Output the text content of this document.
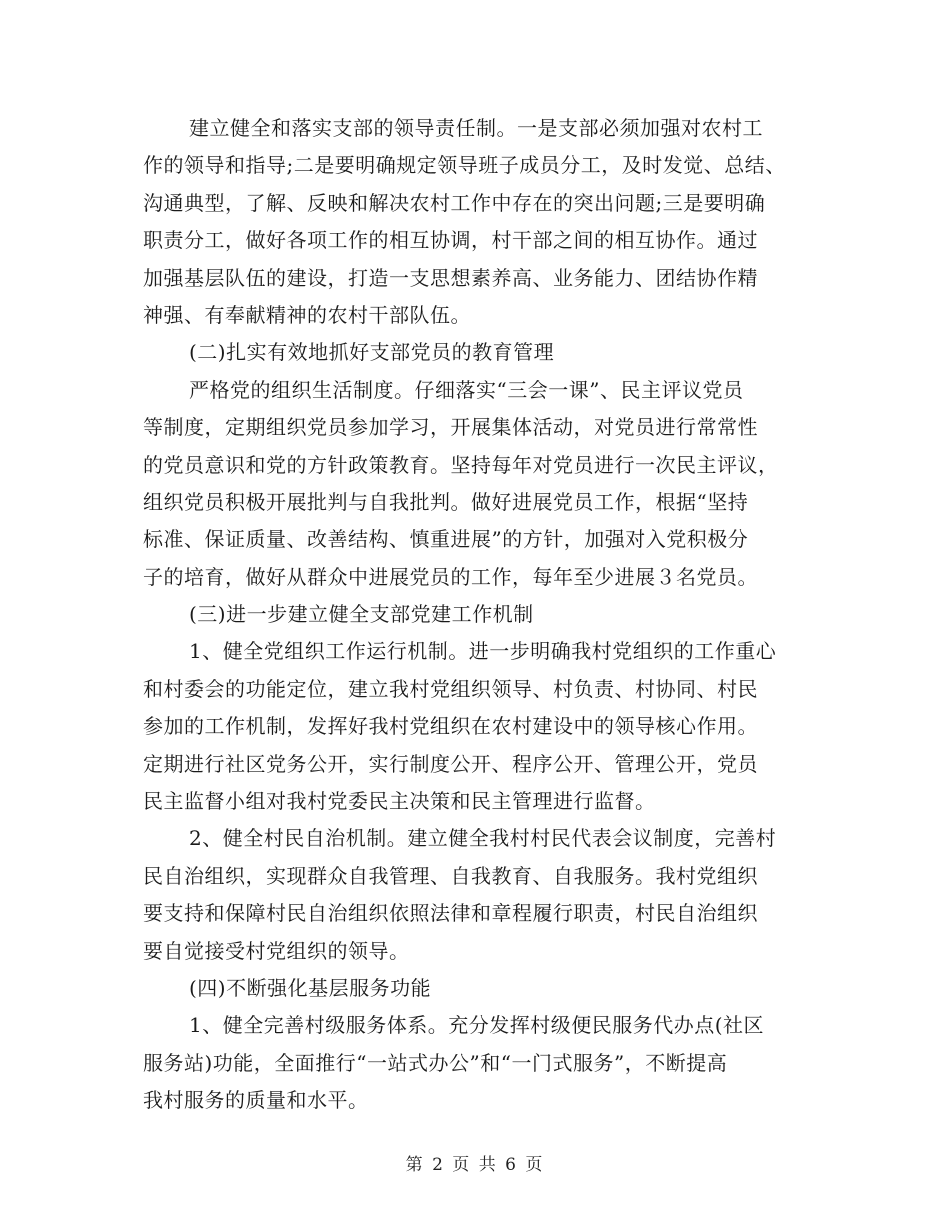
建立健全和落实支部的领导责任制。一是支部必须加强对农村工
作的领导和指导;二是要明确规定领导班子成员分工，及时发觉、总结、
沟通典型，了解、反映和解决农村工作中存在的突出问题;三是要明确
职责分工，做好各项工作的相互协调，村干部之间的相互协作。通过
加强基层队伍的建设，打造一支思想素养高、业务能力、团结协作精
神强、有奉献精神的农村干部队伍。
(二)扎实有效地抓好支部党员的教育管理
严格党的组织生活制度。仔细落实“三会一课”、民主评议党员
等制度，定期组织党员参加学习，开展集体活动，对党员进行常常性
的党员意识和党的方针政策教育。坚持每年对党员进行一次民主评议，
组织党员积极开展批判与自我批判。做好进展党员工作，根据“坚持
标准、保证质量、改善结构、慎重进展”的方针，加强对入党积极分
子的培育，做好从群众中进展党员的工作，每年至少进展３名党员。
(三)进一步建立健全支部党建工作机制
1、健全党组织工作运行机制。进一步明确我村党组织的工作重心
和村委会的功能定位，建立我村党组织领导、村负责、村协同、村民
参加的工作机制，发挥好我村党组织在农村建设中的领导核心作用。
定期进行社区党务公开，实行制度公开、程序公开、管理公开，党员
民主监督小组对我村党委民主决策和民主管理进行监督。
2、健全村民自治机制。建立健全我村村民代表会议制度，完善村
民自治组织，实现群众自我管理、自我教育、自我服务。我村党组织
要支持和保障村民自治组织依照法律和章程履行职责，村民自治组织
要自觉接受村党组织的领导。
(四)不断强化基层服务功能
1、健全完善村级服务体系。充分发挥村级便民服务代办点(社区
服务站)功能，全面推行“一站式办公”和“一门式服务”，不断提高
我村服务的质量和水平。
第 2 页 共 6 页
